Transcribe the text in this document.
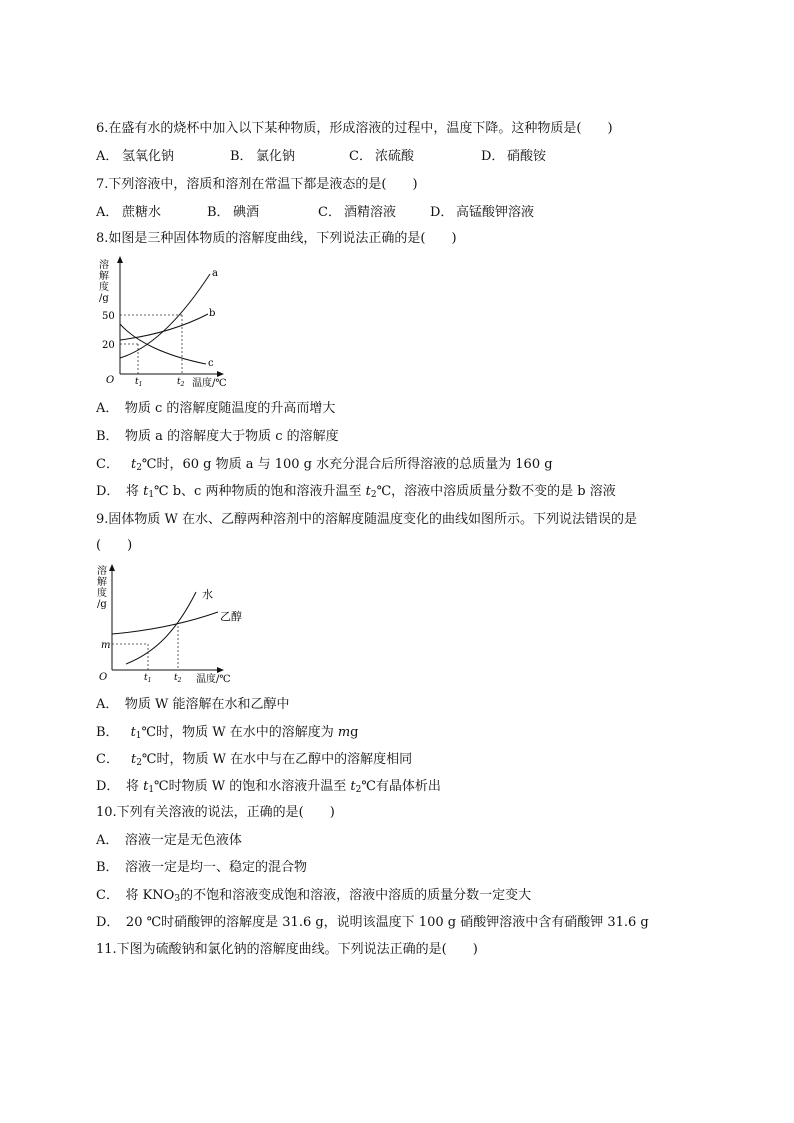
6.在盛有水的烧杯中加入以下某种物质，形成溶液的过程中，温度下降。这种物质是(　　)
A． 氢氧化钠	B． 氯化钠	C． 浓硫酸	D． 硝酸铵
7.下列溶液中，溶质和溶剂在常温下都是液态的是(　　)
A． 蔗糖水	B． 碘酒	C． 酒精溶液	D． 高锰酸钾溶液
8.如图是三种固体物质的溶解度曲线，下列说法正确的是(　　)
溶
解
度
/g
50
20
O $t_1$	$t_2$ 温度/℃
a
b
c
A．　物质 c 的溶解度随温度的升高而增大
B．　物质 a 的溶解度大于物质 c 的溶解度
C． $t_2℃$时，60 g 物质 a 与 100 g 水充分混合后所得溶液的总质量为 160 g
D．　将 $t_1℃$ b、c 两种物质的饱和溶液升温至 $t_2℃$，溶液中溶质质量分数不变的是 b 溶液
9.固体物质 W 在水、乙醇两种溶剂中的溶解度随温度变化的曲线如图所示。下列说法错误的是
(　　)
溶
解
度
/g
m
O	$t_1$	$t_2$ 温度/℃
水
乙醇
A．　物质 W 能溶解在水和乙醇中
B． $t_1℃$时，物质 W 在水中的溶解度为 mg
C． $t_2℃$时，物质 W 在水中与在乙醇中的溶解度相同
D．　将 $t_1℃$时物质 W 的饱和水溶液升温至 $t_2℃$有晶体析出
10.下列有关溶液的说法，正确的是(　　)
A．　溶液一定是无色液体
B．　溶液一定是均一、稳定的混合物
C．　将 $KNO_3$的不饱和溶液变成饱和溶液，溶液中溶质的质量分数一定变大
D．　20 ℃时硝酸钾的溶解度是 31.6 g，说明该温度下 100 g 硝酸钾溶液中含有硝酸钾 31.6 g
11.下图为硫酸钠和氯化钠的溶解度曲线。下列说法正确的是(　　)
